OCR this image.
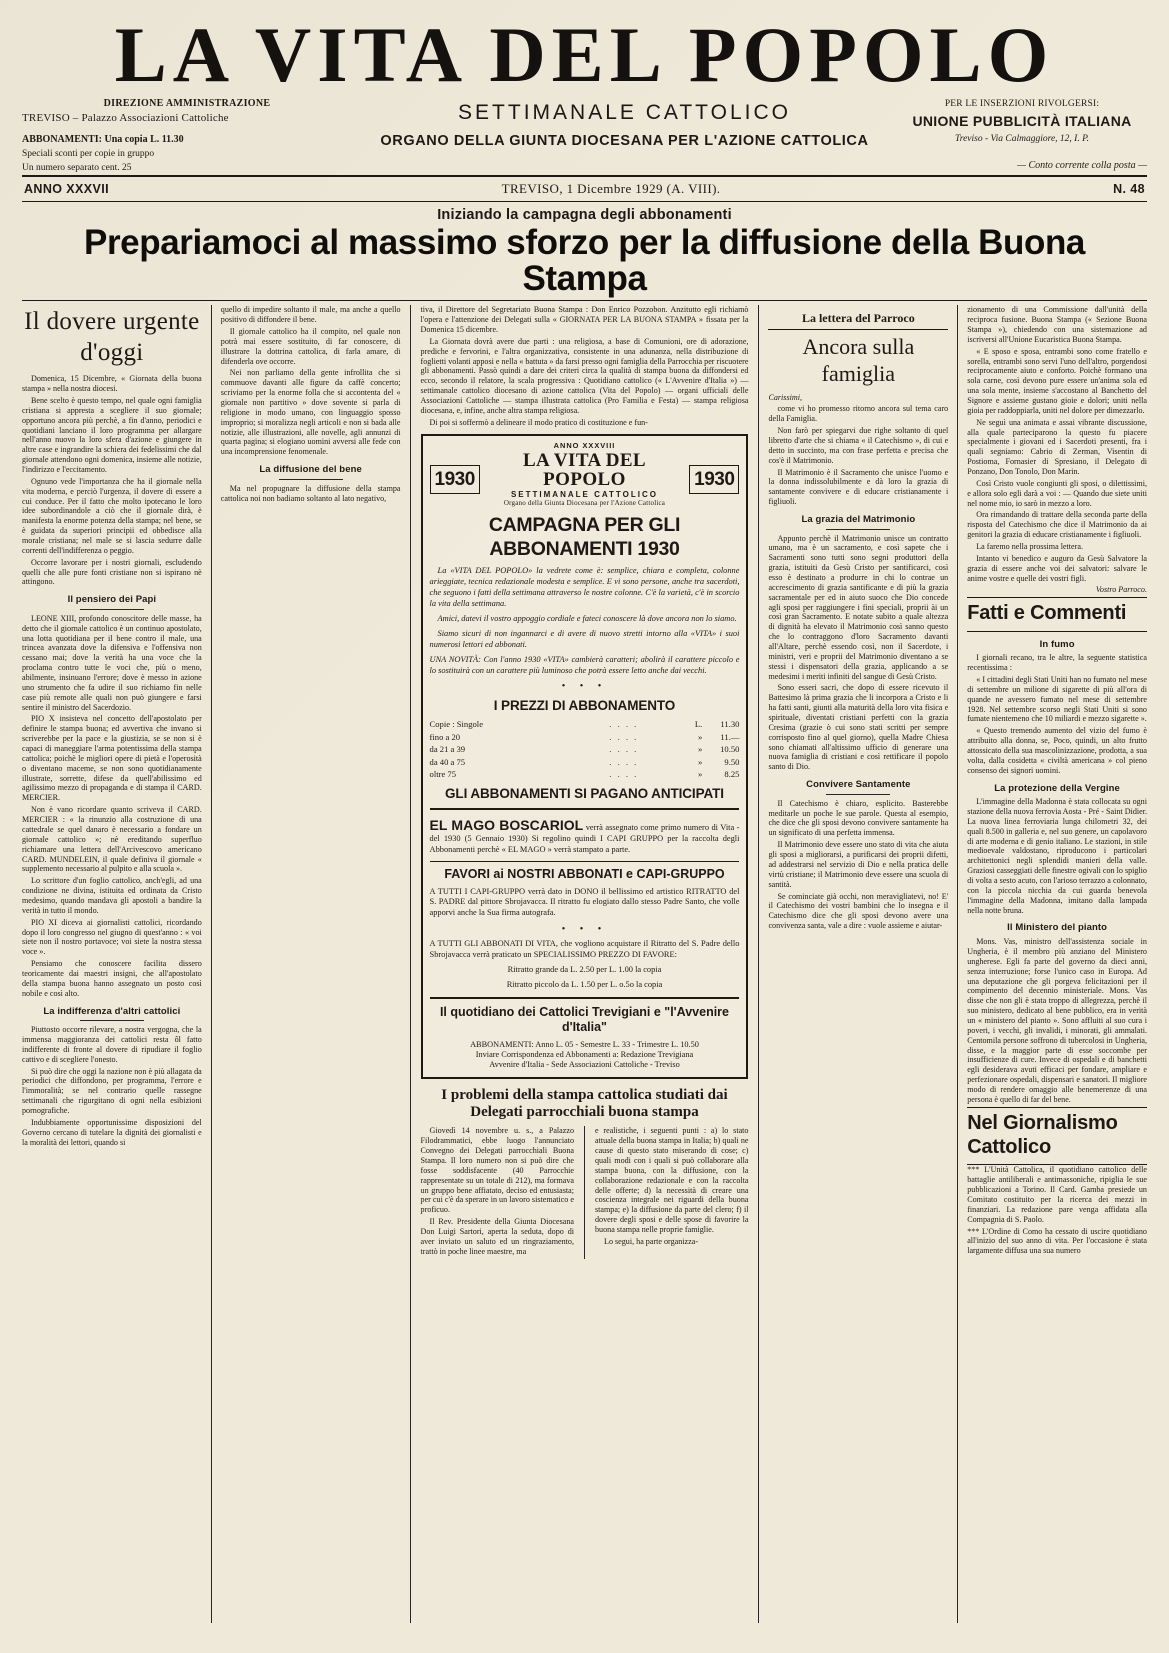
LA VITA DEL POPOLO
DIREZIONE AMMINISTRAZIONE
TREVISO – Palazzo Associazioni Cattoliche
ABBONAMENTI: Una copia L. 11.30
Speciali sconti per copie in gruppo
Un numero separato cent. 25
SETTIMANALE CATTOLICO
ORGANO DELLA GIUNTA DIOCESANA PER L'AZIONE CATTOLICA
PER LE INSERZIONI RIVOLGERSI:
UNIONE PUBBLICITÀ ITALIANA
Treviso - Via Calmaggiore, 12, I. P.
— Conto corrente colla posta —
ANNO XXXVII	TREVISO, 1 Dicembre 1929 (A. VIII).	N. 48
Iniziando la campagna degli abbonamenti
Prepariamoci al massimo sforzo per la diffusione della Buona Stampa
Il dovere urgente d'oggi

Domenica, 15 Dicembre, « Giornata della buona stampa » nella nostra diocesi.

Bene scelto è questo tempo, nel quale ogni famiglia cristiana si appresta a scegliere il suo giornale; opportuno ancora più perchè, a fin d'anno, periodici e quotidiani lanciano il loro programma per allargare nell'anno nuovo la loro sfera d'azione e giungere in altre case e ingrandire la schiera dei fedelissimi che dal giornale attendono ogni domenica, insieme alle notizie, l'indirizzo e l'eccitamento.

Ognuno vede l'importanza che ha il giornale nella vita moderna, e perciò l'urgenza, il dovere di essere a cui conduce. Per il fatto che molto ipotecano le loro idee subordinandole a ciò che il giornale dirà, è manifesta la enorme potenza della stampa; nel bene, se è guidata da superiori principii ed obbedisce alla morale cristiana; nel male se si lascia sedurre dalle correnti dell'indifferenza o peggio.

Occorre lavorare per i nostri giornali, escludendo quelli che alle pure fonti cristiane non si ispirano nè attingono.

Il pensiero dei Papi

LEONE XIII, profondo conoscitore delle masse, ha detto che il giornale cattolico è un continuo apostolato, una lotta quotidiana per il bene contro il male, una trincea avanzata dove la difensiva e l'offensiva non cessano mai; dove la verità ha una voce che la proclama contro tutte le voci che, più o meno, abilmente, insinuano l'errore; dove è messo in azione uno strumento che fa udire il suo richiamo fin nelle case più remote alle quali non può giungere e farsi sentire il ministro del Sacerdozio.

PIO X insisteva nel concetto dell'apostolato per definire le stampa buona; ed avvertiva che invano si scriverebbe per la pace e la giustizia, se se non si è capaci di maneggiare l'arma potentissima della stampa cattolica; poichè le migliori opere di pietà e l'operosità o diventano maceme, se non sono quotidianamente illustrate, sorrette, difese da quell'abilissimo ed agilissimo mezzo di propaganda e di stampa il CARD. MERCIER.

Non è vano ricordare quanto scriveva il CARD. MERCIER : « la rinunzio alla costruzione di una cattedrale se quel danaro è necessario a fondare un giornale cattolico »; nè ereditando superfluo richiamare una lettera dell'Arcivescovo americano CARD. MUNDELEIN, il quale definiva il giornale « supplemento necessario al pulpito e alla scuola ».

Lo scrittore d'un foglio cattolico, anch'egli, ad una condizione ne divina, istituita ed ordinata da Cristo medesimo, quando mandava gli apostoli a bandire la verità in tutto il mondo.

PIO XI diceva ai giornalisti cattolici, ricordando dopo il loro congresso nel giugno di quest'anno : « voi siete non il nostro portavoce; voi siete la nostra stessa voce ».

Pensiamo che conoscere facilita dissero teoricamente dai maestri insigni, che all'apostolato della stampa buona hanno assegnato un posto così nobile e così alto.

La indifferenza d'altri cattolici

Piuttosto occorre rilevare, a nostra vergogna, che la immensa maggioranza dei cattolici resta ôl fatto indifferente di fronte al dovere di ripudiare il foglio cattivo e di scegliere l'onesto.

Si può dire che oggi la nazione non è più allagata da periodici che diffondono, per programma, l'errore e l'immoralità; se nel contrario quelle rassegne settimanali che rigurgitano di ogni nella esibizioni pornografiche.

Indubbiamente opportunissime disposizioni del Governo cercano di tutelare la dignità dei giornalisti e la moralità dei lettori, quando si

quello di impedire soltanto il male, ma anche a quello positivo di diffondere il bene.

Il giornale cattolico ha il compito, nel quale non potrà mai essere sostituito, di far conoscere, di illustrare la dottrina cattolica, di farla amare, di difenderla ove occorre.

Nei non parliamo della gente infrollita che si commuove davanti alle figure da caffè concerto; scriviamo per la enorme folla che si accontenta del « giornale non partitivo » dove sovente si parla di religione in modo umano, con linguaggio sposso improprio; si moralizza negli articoli e non si bada alle notizie, alle illustrazioni, alle novelle, agli annunzi di quarta pagina; si elogiano uomini avversi alle fede con una incomprensione fenomenale.

La diffusione del bene

Ma nel propugnare la diffusione della stampa cattolica noi non badiamo soltanto al lato negativo,

tiva, il Direttore del Segretariato Buona Stampa : Don Enrico Pozzobon. Anzitutto egli richiamò l'opera e l'attenzione dei Delegati sulla « GIORNATA PER LA BUONA STAMPA » fissata per la Domenica 15 dicembre.

La Giornata dovrà avere due parti : una religiosa, a base di Comunioni, ore di adorazione, prediche e fervorini, e l'altra organizzativa, consistente in una adunanza, nella distribuzione di foglietti volanti apposi e nella « battuta » da farsi presso ogni famiglia della Parrocchia per riscuotere gli abbonamenti. Passò quindi a dare dei criteri circa la qualità di stampa buona da diffondersi ed ecco, secondo il relatore, la scala progressiva : Quotidiano cattolico (« L'Avvenire d'Italia ») — settimanale cattolico diocesano di azione cattolica (Vita del Popolo) — organi ufficiali delle Associazioni Cattoliche — stampa illustrata cattolica (Pro Familia e Festa) — stampa religiosa diocesana, e, infine, anche altra stampa religiosa.

Di poi si soffermò a delineare il modo pratico di costituzione e fun-

ANNO XXXVIII
1930
LA VITA DEL POPOLO
SETTIMANALE CATTOLICO
Organo della Giunta Diocesana per l'Azione Cattolica
1930
CAMPAGNA PER GLI ABBONAMENTI 1930

La «VITA DEL POPOLO» la vedrete come è: semplice, chiara e completa, colonne arieggiate, tecnica redazionale modesta e semplice. E vi sono persone, anche tra sacerdoti, che seguono i fatti della settimana attraverso le nostre colonne. C'è la varietà, c'è in scorcio la vita della settimana.

Amici, datevi il vostro appoggio cordiale e fateci conoscere là dove ancora non lo siamo.

Siamo sicuri di non ingannarci e di avere di nuovo stretti intorno alla «VITA» i suoi numerosi lettori ed abbonati.

UNA NOVITÀ: Con l'anno 1930 «VITA» cambierà caratteri; abolirà il carattere piccolo e lo sostituirà con un carattere più luminoso che potrà essere letto anche dai vecchi.

• • •
I PREZZI DI ABBONAMENTO
Copie : Singole	. . . .	L.	11.30
fino a 20	. . . .	»	11.—
da 21 a 39	. . . .	»	10.50
da 40 a 75	. . . .	»	9.50
oltre 75	. . . .	»	8.25
GLI ABBONAMENTI SI PAGANO ANTICIPATI
EL MAGO BOSCARIOL verrà assegnato come primo numero di Vita - del 1930 (5 Gennaio 1930) Si regolino quindi I CAPI GRUPPO per la raccolta degli Abbonamenti perchè « EL MAGO » verrà stampato a parte.
FAVORI ai NOSTRI ABBONATI e CAPI-GRUPPO

A TUTTI I CAPI-GRUPPO verrà dato in DONO il bellissimo ed artistico RITRATTO del S. PADRE dal pittore Sbrojavacca. Il ritratto fu elogiato dallo stesso Padre Santo, che volle apporvi anche la Sua firma autografa.

• • •

A TUTTI GLI ABBONATI DI VITA, che vogliono acquistare il Ritratto del S. Padre dello Sbrojavacca verrà praticato un SPECIALISSIMO PREZZO DI FAVORE:

Ritratto grande da L. 2.50 per L. 1.00 la copia

Ritratto piccolo da L. 1.50 per L. o.5o la copia

Il quotidiano dei Cattolici Trevigiani e "l'Avvenire d'Italia"
ABBONAMENTI: Anno L. 05 - Semestre L. 33 - Trimestre L. 10.50
Inviare Corrispondenza ed Abbonamenti a: Redazione Trevigiana
Avvenire d'Italia - Sede Associazioni Cattoliche - Treviso
I problemi della stampa cattolica studiati dai Delegati parrocchiali buona stampa

Giovedì 14 novembre u. s., a Palazzo Filodrammatici, ebbe luogo l'annunciato Convegno dei Delegati parrocchiali Buona Stampa. Il loro numero non si può dire che fosse soddisfacente (40 Parrocchie rappresentate su un totale di 212), ma formava un gruppo bene affiatato, deciso ed entusiasta; per cui c'è da sperare in un lavoro sistematico e proficuo.

Il Rev. Presidente della Giunta Diocesana Don Luigi Sartori, aperta la seduta, dopo di aver inviato un saluto ed un ringraziamento, trattò in poche linee maestre, ma

e realistiche, i seguenti punti : a) lo stato attuale della buona stampa in Italia; b) quali ne cause di questo stato miserando di cose; c) quali modi con i quali si può collaborare alla stampa buona, con la diffusione, con la collaborazione redazionale e con la raccolta delle offerte; d) la necessità di creare una coscienza integrale nei riguardi della buona stampa; e) la diffusione da parte del clero; f) il dovere degli sposi e delle spose di favorire la buona stampa nelle proprie famiglie.

Lo segui, ha parte organizza-

La lettera del Parroco
Ancora sulla famiglia

Carissimi,

come vi ho promesso ritorno ancora sul tema caro della Famiglia.

Non farò per spiegarvi due righe soltanto di quel libretto d'arte che si chiama « il Catechismo », di cui e detto in succinto, ma con frase perfetta e precisa che cos'è il Matrimonio.

Il Matrimonio è il Sacramento che unisce l'uomo e la donna indissolubilmente e dà loro la grazia di santamente convivere e di educare cristianamente i figliuoli.

La grazia del Matrimonio

Appunto perchè il Matrimonio unisce un contratto umano, ma è un sacramento, e così sapete che i Sacramenti sono tutti sono segni produttori della grazia, istituiti da Gesù Cristo per santificarci, così esso è destinato a produrre in chi lo contrae un accrescimento di grazia santificante e di più la grazia sacramentale per ed in aiuto suoco che Dio concede agli sposi per raggiungere i fini speciali, proprii ài un così gran Sacramento. E notate subito a quale altezza di dignità ha elevato il Matrimonio così sanno questo che lo contraggono d'loro Sacramento davanti all'Altare, perchè essendo così, non il Sacerdote, i ministri, veri e proprii del Matrimonio diventano a se stessi i dispensatori della grazia, applicando a se medesimi i meriti infiniti del sangue di Gesù Cristo.

Sono esseri sacri, che dopo di essere ricevuto il Battesimo là prima grazia che li incorpora a Cristo e li ha fatti santi, giunti alla maturità della loro vita fisica e spirituale, diventati cristiani perfetti con la grazia Cresima (grazie ò cui sono stati scritti per sempre corrisposto fino al quel giorno), quella Madre Chiesa sono chiamati all'altissimo ufficio di generare una nuova famiglia di cristiani e così rettificare il popolo santo di Dio.

Convivere Santamente

Il Catechismo è chiaro, esplicito. Basterebbe meditarle un poche le sue parole. Questa al esempio, che dice che gli sposi devono convivere santamente ha un significato di una perfetta immensa.

Il Matrimonio deve essere uno stato di vita che aiuta gli sposi a migliorarsi, a purificarsi dei proprii difetti, ad addestrarsi nel servizio di Dio e nella pratica delle virtù cristiane; il Matrimonio deve essere una scuola di santità.

Se cominciate già occhi, non meravigliatevi, no! E' il Catechismo dei vostri bambini che lo insegna e il Catechismo dice che gli sposi devono avere una convivenza santa, vale a dire : vuole assieme e aiutar-

zionamento di una Commissione dall'unità della reciproca fusione. Buona Stampa (« Sezione Buona Stampa »), chiedendo con una sistemazione ad iscriversi all'Unione Eucaristica Buona Stampa.

« E sposo e sposa, entrambi sono come fratello e sorella, entrambi sono servi l'uno dell'altro, porgendosi reciprocamente aiuto e conforto. Poichè formano una sola carne, così devono pure essere un'anima sola ed una sola mente, insieme s'accostano al Banchetto del Signore e assieme gustano gioie e dolori; uniti nella gioia per raddoppiarla, uniti nel dolore per dimezzarlo.

Ne seguì una animata e assai vibrante discussione, alla quale parteciparono la questo fu piacere specialmente i giovani ed i Sacerdoti presenti, fra i quali segniamo: Cabrio di Zerman, Visentin di Postioma, Fornasier di Spresiano, il Delegato di Ponzano, Don Tonolo, Don Marin.

Così Cristo vuole congiunti gli sposi, o dilettissimi, e allora solo egli darà a voi : — Quando due siete uniti nel nome mio, io sarò in mezzo a loro.

Ora rimandando di trattare della seconda parte della risposta del Catechismo che dice il Matrimonio da ai genitori la grazia di educare cristianamente i figliuoli.

La faremo nella prossima lettera.

Intanto vi benedico e auguro da Gesù Salvatore la grazia di essere anche voi dei salvatori: salvare le anime vostre e quelle dei vostri figli.

Vostro Parroco.

Fatti e Commenti
In fumo

I giornali recano, tra le altre, la seguente statistica recentissima :

« I cittadini degli Stati Uniti han no fumato nel mese di settembre un milione di sigarette di più all'ora di quande ne avessero fumato nel mese di settembre 1928. Nel settembre scorso negli Stati Uniti si sono fumate nientemeno che 10 miliardi e mezzo sigarette ».

« Questo tremendo aumento del vizio del fumo è attribuito alla donna, se, Poco, quindi, un alto frutto attossicato della sua mascolinizzazione, prodotta, a sua volta, dalla cosidetta « civiltà americana » col pieno consenso dei signori uomini.

La protezione della Vergine

L'immagine della Madonna è stata collocata su ogni stazione della nuova ferrovia Aosta - Pré - Saint Didier. La nuova linea ferroviaria lunga chilometri 32, dei quali 8.500 in galleria e, nel suo genere, un capolavoro di arte moderna e di genio italiano. Le stazioni, in stile medioevale valdostano, riproducono i particolari architettonici negli splendidi manieri della valle. Graziosi casseggiati delle finestre ogivali con lo spiglio di volta a sesto acuto, con l'arioso terrazzo a colonnato, con la piccola nicchia da cui guarda benevola l'immagine della Madonna, imitano dalla lampada nella notte bruna.

Il Ministero del pianto

Mons. Vas, ministro dell'assistenza sociale in Ungheria, è il membro più anziano del Ministero ungherese. Egli fa parte del governo da dieci anni, senza interruzione; forse l'unico caso in Europa. Ad una deputazione che gli porgeva felicitazioni per il compimento del decennio ministeriale. Mons. Vas disse che non gli è stata troppo di allegrezza, perchè il suo ministero, dedicato al bene pubblico, era in verità un « ministero del pianto ». Sono affluiti al suo cura i poveri, i vecchi, gli invalidi, i minorati, gli ammalati. Centomila persone soffrono di tubercolosi in Ungheria, disse, e la maggior parte di esse soccombe per insufficienze di cure. Invece di ospedali e di banchetti egli desiderava avuti efficaci per fondare, ampliare e perfezionare ospedali, dispensari e sanatori. Il migliore modo di rendere omaggio alle benemerenze di una persona è quello di far del bene.

Nel Giornalismo Cattolico

*** L'Unità Cattolica, il quotidiano cattolico delle battaglie antiliberali e antimassoniche, ripiglia le sue pubblicazioni a Torino. Il Card. Gamba presiede un Comitato costituito per la ricerca dei mezzi in finanziari. La redazione pare venga affidata alla Compagnia di S. Paolo.

*** L'Ordine di Como ha cessato di uscire quotidiano all'inizio del suo anno di vita. Per l'occasione è stata largamente diffusa una sua numero
